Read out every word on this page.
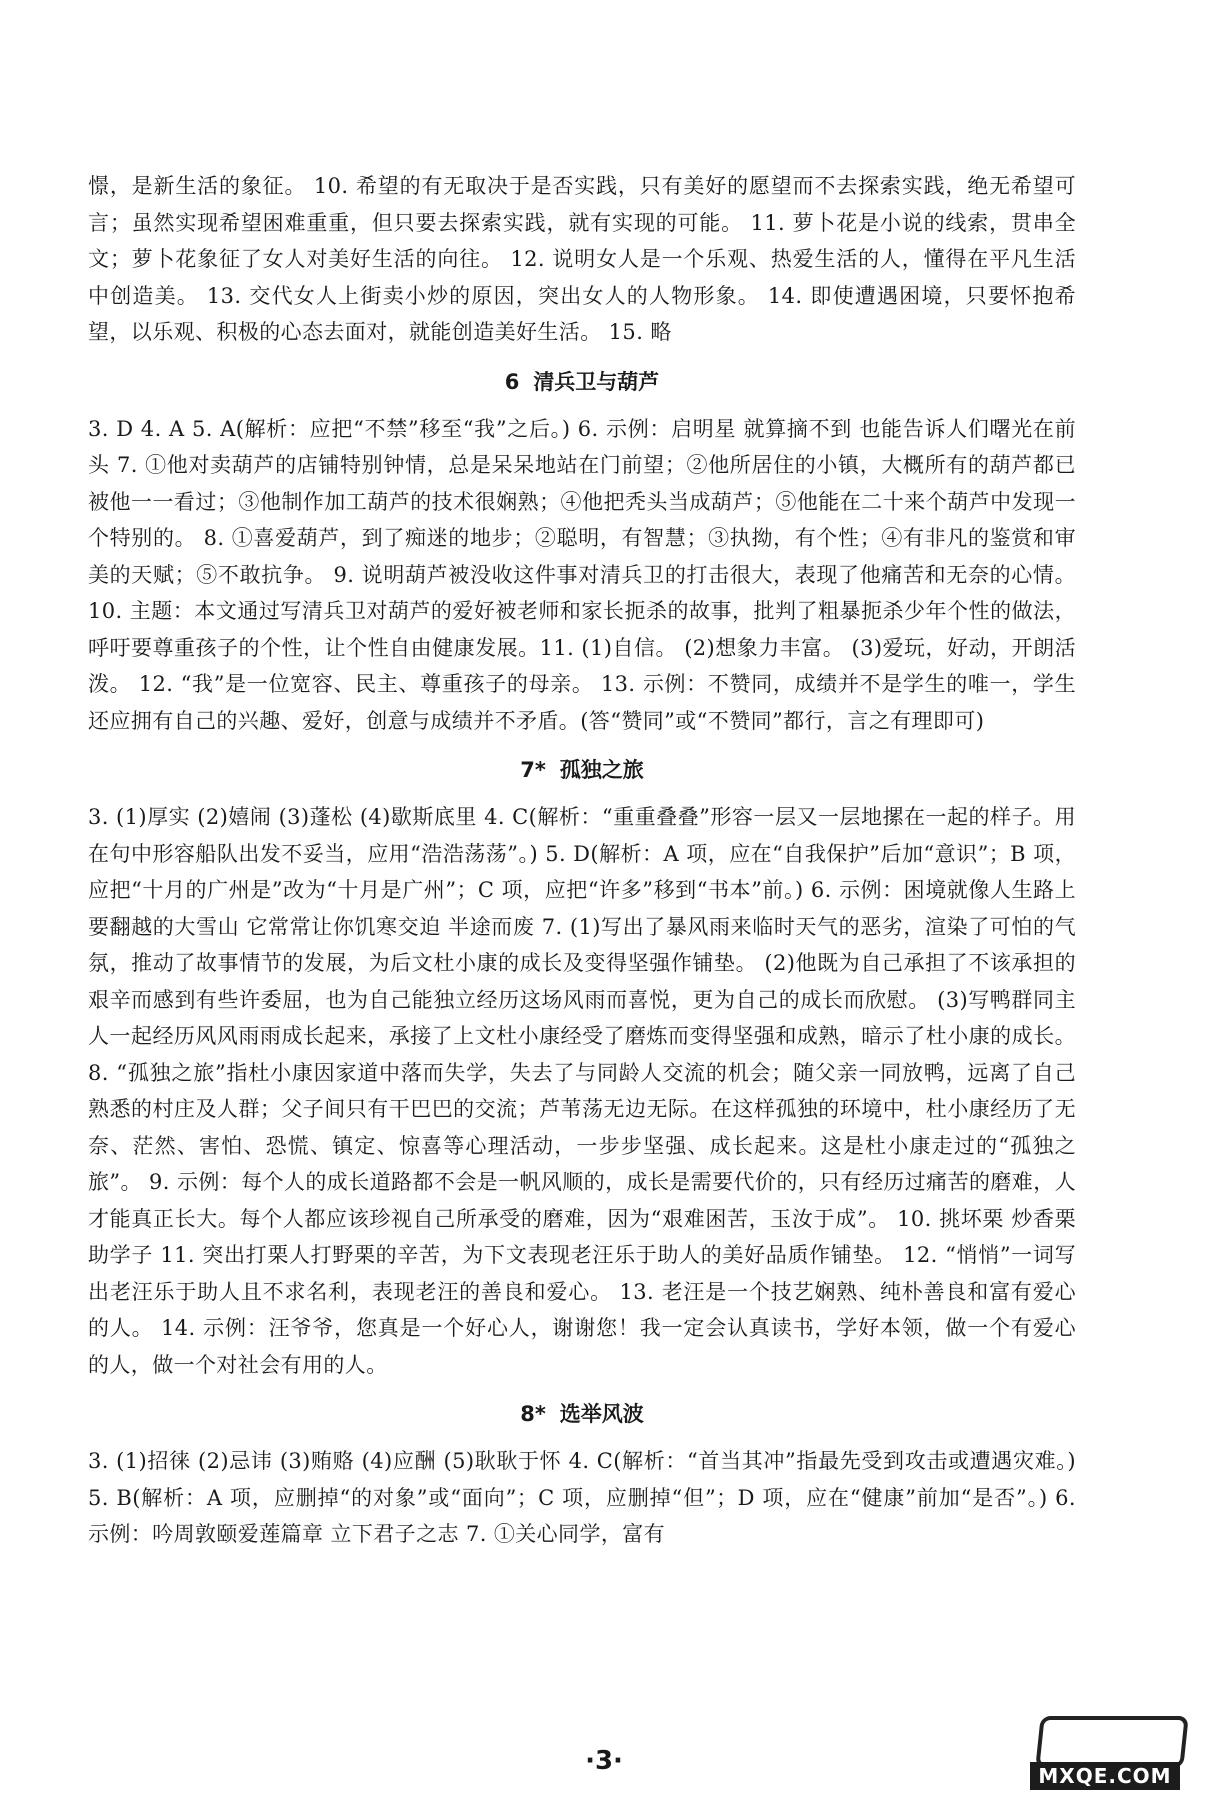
憬，是新生活的象征。 10. 希望的有无取决于是否实践，只有美好的愿望而不去探索实践，绝无希望可言；虽然实现希望困难重重，但只要去探索实践，就有实现的可能。 11. 萝卜花是小说的线索，贯串全文；萝卜花象征了女人对美好生活的向往。 12. 说明女人是一个乐观、热爱生活的人，懂得在平凡生活中创造美。 13. 交代女人上街卖小炒的原因，突出女人的人物形象。 14. 即使遭遇困境，只要怀抱希望，以乐观、积极的心态去面对，就能创造美好生活。 15. 略

6 清兵卫与葫芦

3. D 4. A 5. A(解析：应把“不禁”移至“我”之后。) 6. 示例：启明星 就算摘不到 也能告诉人们曙光在前头 7. ①他对卖葫芦的店铺特别钟情，总是呆呆地站在门前望；②他所居住的小镇，大概所有的葫芦都已被他一一看过；③他制作加工葫芦的技术很娴熟；④他把秃头当成葫芦；⑤他能在二十来个葫芦中发现一个特别的。 8. ①喜爱葫芦，到了痴迷的地步；②聪明，有智慧；③执拗，有个性；④有非凡的鉴赏和审美的天赋；⑤不敢抗争。 9. 说明葫芦被没收这件事对清兵卫的打击很大，表现了他痛苦和无奈的心情。 10. 主题：本文通过写清兵卫对葫芦的爱好被老师和家长扼杀的故事，批判了粗暴扼杀少年个性的做法，呼吁要尊重孩子的个性，让个性自由健康发展。11. (1)自信。 (2)想象力丰富。 (3)爱玩，好动，开朗活泼。 12. “我”是一位宽容、民主、尊重孩子的母亲。 13. 示例：不赞同，成绩并不是学生的唯一，学生还应拥有自己的兴趣、爱好，创意与成绩并不矛盾。(答“赞同”或“不赞同”都行，言之有理即可)

7* 孤独之旅

3. (1)厚实 (2)嬉闹 (3)蓬松 (4)歇斯底里 4. C(解析：“重重叠叠”形容一层又一层地摞在一起的样子。用在句中形容船队出发不妥当，应用“浩浩荡荡”。) 5. D(解析：A 项，应在“自我保护”后加“意识”；B 项，应把“十月的广州是”改为“十月是广州”；C 项，应把“许多”移到“书本”前。) 6. 示例：困境就像人生路上要翻越的大雪山 它常常让你饥寒交迫 半途而废 7. (1)写出了暴风雨来临时天气的恶劣，渲染了可怕的气氛，推动了故事情节的发展，为后文杜小康的成长及变得坚强作铺垫。 (2)他既为自己承担了不该承担的艰辛而感到有些许委屈，也为自己能独立经历这场风雨而喜悦，更为自己的成长而欣慰。 (3)写鸭群同主人一起经历风风雨雨成长起来，承接了上文杜小康经受了磨炼而变得坚强和成熟，暗示了杜小康的成长。 8. “孤独之旅”指杜小康因家道中落而失学，失去了与同龄人交流的机会；随父亲一同放鸭，远离了自己熟悉的村庄及人群；父子间只有干巴巴的交流；芦苇荡无边无际。在这样孤独的环境中，杜小康经历了无奈、茫然、害怕、恐慌、镇定、惊喜等心理活动，一步步坚强、成长起来。这是杜小康走过的“孤独之旅”。 9. 示例：每个人的成长道路都不会是一帆风顺的，成长是需要代价的，只有经历过痛苦的磨难，人才能真正长大。每个人都应该珍视自己所承受的磨难，因为“艰难困苦，玉汝于成”。 10. 挑坏栗 炒香栗 助学子 11. 突出打栗人打野栗的辛苦，为下文表现老汪乐于助人的美好品质作铺垫。 12. “悄悄”一词写出老汪乐于助人且不求名利，表现老汪的善良和爱心。 13. 老汪是一个技艺娴熟、纯朴善良和富有爱心的人。 14. 示例：汪爷爷，您真是一个好心人，谢谢您！我一定会认真读书，学好本领，做一个有爱心的人，做一个对社会有用的人。

8* 选举风波

3. (1)招徕 (2)忌讳 (3)贿赂 (4)应酬 (5)耿耿于怀 4. C(解析：“首当其冲”指最先受到攻击或遭遇灾难。) 5. B(解析：A 项，应删掉“的对象”或“面向”；C 项，应删掉“但”；D 项，应在“健康”前加“是否”。) 6. 示例：吟周敦颐爱莲篇章 立下君子之志 7. ①关心同学，富有

·3·	MXQE.COM
